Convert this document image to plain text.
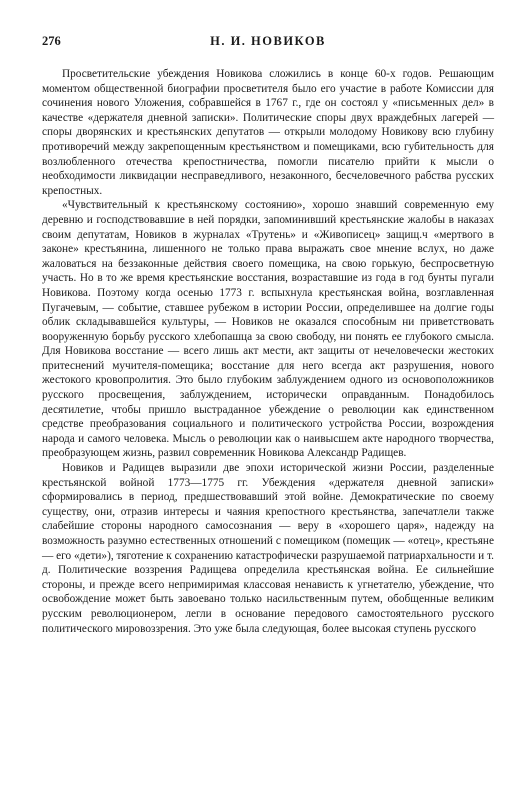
276	Н. И. НОВИКОВ

Просветительские убеждения Новикова сложились в конце 60-х годов. Решающим моментом общественной биографии просветителя было его участие в работе Комиссии для сочинения нового Уложения, собравшейся в 1767 г., где он состоял у «письменных дел» в качестве «держателя дневной записки». Политические споры двух враждебных лагерей — споры дворянских и крестьянских депутатов — открыли молодому Новикову всю глубину противоречий между закрепощенным крестьянством и помещиками, всю губительность для возлюбленного отечества крепостничества, помогли писателю прийти к мысли о необходимости ликвидации несправедливого, незаконного, бесчеловечного рабства русских крепостных.

«Чувствительный к крестьянскому состоянию», хорошо знавший современную ему деревню и господствовавшие в ней порядки, запоминивший крестьянские жалобы в наказах своим депутатам, Новиков в журналах «Трутень» и «Живописец» защищ.ч «мертвого в законе» крестьянина, лишенного не только права выражать свое мнение вслух, но даже жаловаться на беззаконные действия своего помещика, на свою горькую, беспросветную участь. Но в то же время крестьянские восстания, возраставшие из года в год бунты пугали Новикова. Поэтому когда осенью 1773 г. вспыхнула крестьянская война, возглавленная Пугачевым, — событие, ставшее рубежом в истории России, определившее на долгие годы облик складывавшейся культуры, — Новиков не оказался способным ни приветствовать вооруженную борьбу русского хлебопашца за свою свободу, ни понять ее глубокого смысла. Для Новикова восстание — всего лишь акт мести, акт защиты от нечеловечески жестоких притеснений мучителя-помещика; восстание для него всегда акт разрушения, нового жестокого кровопролития. Это было глубоким заблуждением одного из основоположников русского просвещения, заблуждением, исторически оправданным. Понадобилось десятилетие, чтобы пришло выстраданное убеждение о революции как единственном средстве преобразования социального и политического устройства России, возрождения народа и самого человека. Мысль о революции как о наивысшем акте народного творчества, преобразующем жизнь, развил современник Новикова Александр Радищев.

Новиков и Радищев выразили две эпохи исторической жизни России, разделенные крестьянской войной 1773—1775 гг. Убеждения «держателя дневной записки» сформировались в период, предшествовавший этой войне. Демократические по своему существу, они, отразив интересы и чаяния крепостного крестьянства, запечатлели также слабейшие стороны народного самосознания — веру в «хорошего царя», надежду на возможность разумно естественных отношений с помещиком (помещик — «отец», крестьяне — его «дети»), тяготение к сохранению катастрофически разрушаемой патриархальности и т. д. Политические воззрения Радищева определила крестьянская война. Ее сильнейшие стороны, и прежде всего непримиримая классовая ненависть к угнетателю, убеждение, что освобождение может быть завоевано только насильственным путем, обобщенные великим русским революционером, легли в основание передового самостоятельного русского политического мировоззрения. Это уже была следующая, более высокая ступень русского
